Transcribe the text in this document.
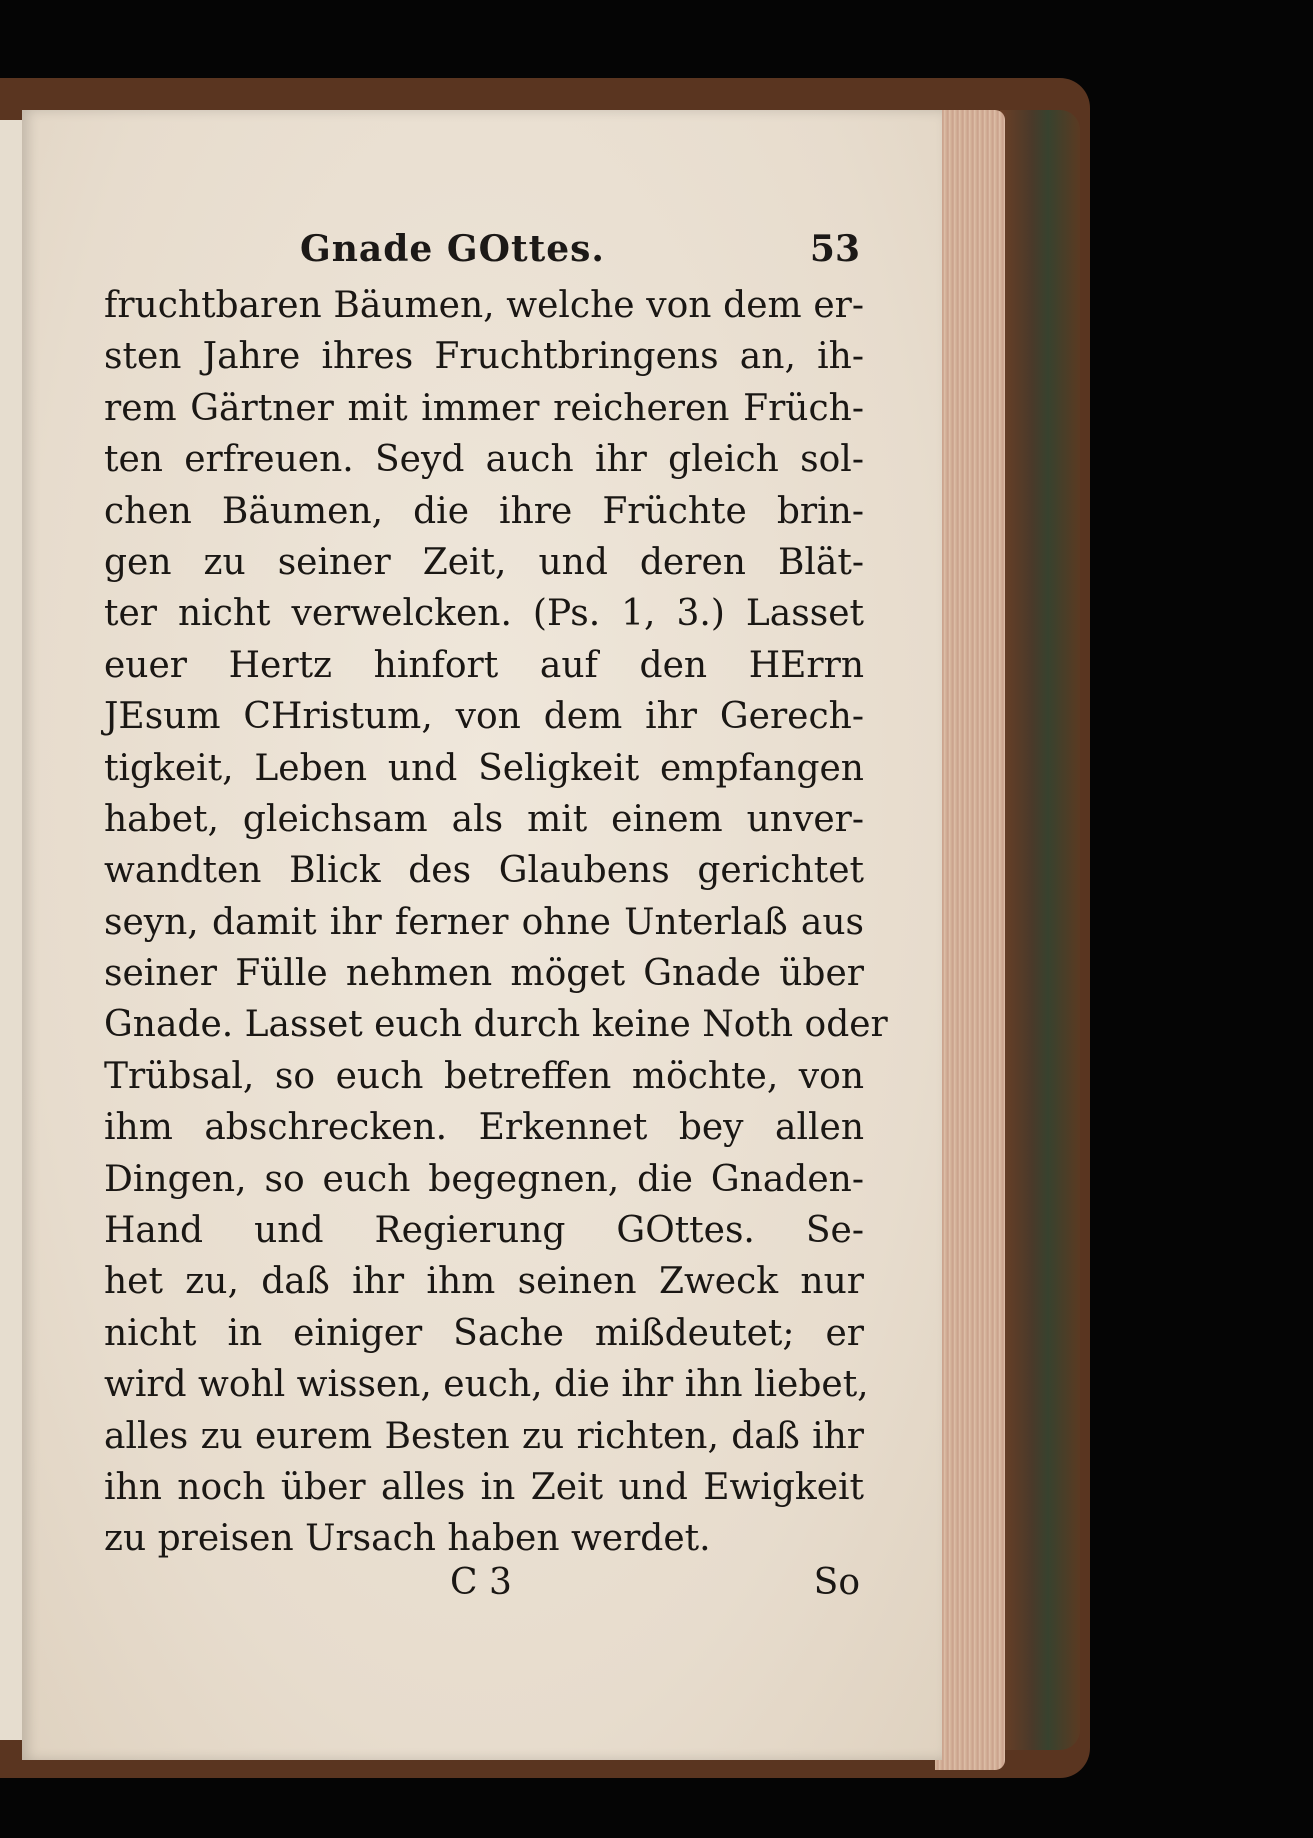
Gnade GOttes.	53
fruchtbaren Bäumen, welche von dem er-
sten Jahre ihres Fruchtbringens an, ih-
rem Gärtner mit immer reicheren Früch-
ten erfreuen. Seyd auch ihr gleich sol-
chen Bäumen, die ihre Früchte brin-
gen zu seiner Zeit, und deren Blät-
ter nicht verwelcken. (Ps. 1, 3.) Lasset
euer Hertz hinfort auf den HErrn
JEsum CHristum, von dem ihr Gerech-
tigkeit, Leben und Seligkeit empfangen
habet, gleichsam als mit einem unver-
wandten Blick des Glaubens gerichtet
seyn, damit ihr ferner ohne Unterlaß aus
seiner Fülle nehmen möget Gnade über
Gnade. Lasset euch durch keine Noth oder
Trübsal, so euch betreffen möchte, von
ihm abschrecken. Erkennet bey allen
Dingen, so euch begegnen, die Gnaden-
Hand und Regierung GOttes. Se-
het zu, daß ihr ihm seinen Zweck nur
nicht in einiger Sache mißdeutet; er
wird wohl wissen, euch, die ihr ihn liebet,
alles zu eurem Besten zu richten, daß ihr
ihn noch über alles in Zeit und Ewigkeit
zu preisen Ursach haben werdet.
C 3	So
